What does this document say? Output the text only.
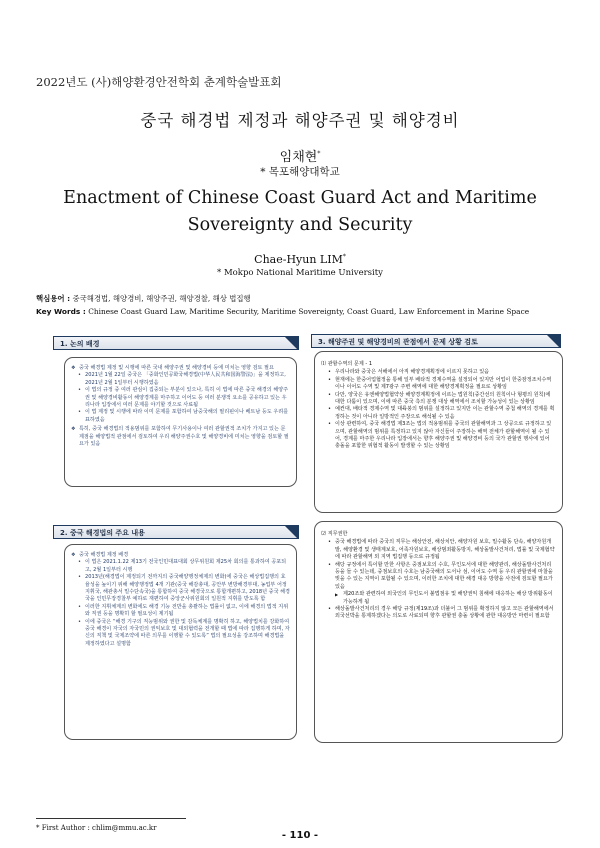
2022년도 (사)해양환경안전학회 춘계학술발표회
중국 해경법 제정과 해양주권 및 해양경비
임채현*
* 목포해양대학교
Enactment of Chinese Coast Guard Act and Maritime Sovereignty and Security
Chae-Hyun LIM*
* Mokpo National Maritime University
핵심용어 : 중국해경법, 해양경비, 해양주권, 해양경찰, 해상 법집행
Key Words : Chinese Coast Guard Law, Maritime Security, Maritime Sovereignty, Coast Guard, Law Enforcement in Marine Space
1. 논의 배경
❖ 중국 해경법 제정 및 시행에 따른 국내 해양주권 및 해양경비 등에 미치는 영향 검토 필요
• 2021년 1월 22일 중국은 「중화인민공화국해경법(中华人民共和国海警法)」을 제정하고, 2021년 2월 1일부터 시행하였음
• 이 법의 규정 중 여러 관심이 집중되는 부분이 있으나, 특히 이 법에 따른 중국 해경의 해양주권 및 해양경비활동이 해양경계를 마주하고 이어도 등 여러 분쟁적 요소를 공유하고 있는 우리나라 입장에서 여러 문제를 야기할 것으로 사료됨
• 이 법 제정 및 시행에 따라 이미 문제를 포함하여 남중국해의 필리핀이나 베트남 등도 우려를 표하였음
❖ 특히, 중국 해경법의 적용범위를 포함하여 무기사용이나 여러 관할권적 조치가 가지고 있는 문제점을 해양법적 관점에서 검토하여 우리 해양주권수호 및 해양경비에 미치는 영향을 검토할 필요가 있음
2. 중국 해경법의 주요 내용
❖ 중국 해경법 제정 배경
• 이 법은 2021.1.22 제13기 전국인민대표대회 상무위원회 제25차 회의를 통과하여 공포되고, 2월 1일부터 시행
• 2013년(해경법이 제정되기 전까지의 중국해양행정체제의 변화)에 중국은 해상법집행의 효율성을 높이기 위해 해양행정법 4개 기관(중국 해감총대, 공안부 변방해경부대, 농업부 어정지휘국, 해관총서 밀수단속국)을 통합하여 중국 해경국으로 통합개편하고, 2018년 중국 해경국을 인민무장경찰부 예하로 재편하여 중앙군사위원회의 일원적 지휘를 받도록 함
• 이러한 지휘체계의 변화에도 해경 기능 전반을 총괄하는 법률이 없고, 이에 해경의 법적 지위와 직권 등을 명확히 할 필요성이 제기됨
• 이에 중국은 “해경 기구의 직능범위와 권한 및 감독체계를 명확히 하고, 해양법치를 강화하여 중국 해경이 자국의 자국민의 권익보호 및 대외협력을 전개할 때 법에 따라 집행하게 하며, 자신의 직책 및 국제조약에 따른 의무를 이행할 수 있도록” 법의 필요성을 강조하며 해경법을 제정하였다고 설명함
3. 해양주권 및 해양경비의 관점에서 문제 상황 검토
⑴ 관할수역의 문제 - 1
• 우리나라와 중국은 서해에서 아직 해양경계획정에 이르지 못하고 있음
• 현재에는 한중어업협정을 통해 일부 배타적 경제수역을 설정되어 있지만 어업이 한중잠정조치수역이나 이어도 수역 및 제7광구 주변 해역에 대한 해양경계획정을 필요로 상황임
• 다만, 양국은 유엔해양법협약상 해양경계획정에 이르는 법원칙(중간선의 원칙이나 형평의 원칙)에 대한 다툼이 있으며, 이에 따른 중국 측의 분쟁 대상 해역에서 조치할 가능성이 있는 상황임
• 예컨대, 배타적 경제수역 및 대륙붕의 범위를 설정하고 있지만 이는 관할수역 중첩 해역의 경계를 획정하는 것이 아니라 일방적인 주장으로 해석될 수 있음
• 이상 관련하여, 중국 해경법 제3조는 법의 적용범위를 중국의 관할해역과 그 상공으로 규정하고 있으며, 관할해역의 범위를 특정하고 있지 않아 자신들이 주장하는 해역 전체가 관할해역이 될 수 있어, 경계를 마주한 우리나라 입장에서는 향후 해양주권 및 해양경비 등의 국가 관할권 행사에 있어 충돌을 포함한 위협적 활동이 발생할 수 있는 상황임
⑵ 직무권한
• 중국 해경법에 따라 중국의 직무는 해상안전, 해상치안, 해양자원 보호, 밀수활동 단속, 해양자원개발, 해양환경 및 생태계보호, 어족자원보호, 해상범죄활동방지, 해상돌발사건처리, 법률 및 국제협약에 따라 관할해역 외 지역 법집행 등으로 규정됨
• 해당 규정에서 특이할 만한 사항은 중점보호의 수호, 무인도서에 대한 해양관리, 해상돌발사건처리 등을 들 수 있는데, 중점보호의 수호는 남중국해의 도서나 섬, 이어도 수역 등 우리 관할권에 마찰을 빚을 수 있는 지역이 포함될 수 있으며, 이러한 조치에 대한 해경 대응 방향을 사전에 검토할 필요가 있음
▶ 제20조와 관련하여 외국인의 무인도서 불법점유 및 해양권익 침해에 대응하는 해상 방위활동이 가능하게 됨
• 해상돌발사건처리의 경우 해당 규정(제19조)과 더불어 그 범위를 확정하지 않고 모든 관할해역에서 외국선박을 통제하겠다는 의도로 사료되며 향후 관할권 충돌 상황에 관한 대응방안 마련이 필요함
* First Author : chlim@mmu.ac.kr
- 110 -
